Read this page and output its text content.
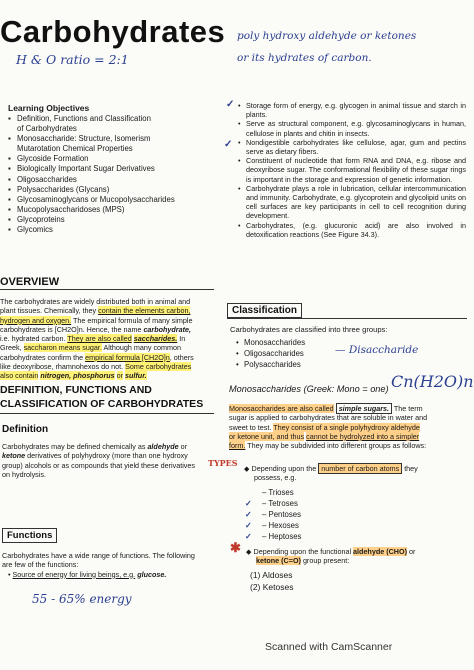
Carbohydrates
H & O ratio = 2:1
poly hydroxy aldehyde or ketones
or its hydrates of carbon.
Learning Objectives
▪ Definition, Functions and Classification
of Carbohydrates
▪ Monosaccharide: Structure, Isomerism
Mutarotation Chemical Properties
▪ Glycoside Formation
▪ Biologically Important Sugar Derivatives
▪ Oligosaccharides
▪ Polysaccharides (Glycans)
▪ Glycosaminoglycans or Mucopolysaccharides
▪ Mucopolysaccharidoses (MPS)
▪ Glycoproteins
▪ Glycomics
OVERVIEW
The carbohydrates are widely distributed both in animal and
plant tissues. Chemically, they contain the elements carbon,
hydrogen and oxygen. The empirical formula of many simple
carbohydrates is [CH2O]n. Hence, the name carbohydrate,
i.e. hydrated carbon. They are also called saccharides. In
Greek, saccharon means sugar. Although many common
carbohydrates confirm the empirical formula [CH2O]n, others
like deoxyribose, rhamnohexos do not. Some carbohydrates
also contain nitrogen, phosphorus or sulfur.
DEFINITION, FUNCTIONS AND
CLASSIFICATION OF CARBOHYDRATES
Definition
Carbohydrates may be defined chemically as aldehyde or
ketone derivatives of polyhydroxy (more than one hydroxy
group) alcohols or as compounds that yield these derivatives
on hydrolysis.
Functions
Carbohydrates have a wide range of functions. The following
are few of the functions:
• Source of energy for living beings, e.g. glucose.
55 - 65% energy
✓
✓
• Storage form of energy, e.g. glycogen in animal tissue and starch in plants.
• Serve as structural component, e.g. glycosaminoglycans in human, cellulose in plants and chitin in insects.
• Nondigestible carbohydrates like cellulose, agar, gum and pectins serve as dietary fibers.
• Constituent of nucleotide that form RNA and DNA, e.g. ribose and deoxyribose sugar. The conformational flexibility of these sugar rings is important in the storage and expression of genetic information.
• Carbohydrate plays a role in lubrication, cellular intercommunication and immunity. Carbohydrate, e.g. glycoprotein and glycolipid units on cell surfaces are key participants in cell to cell recognition during development.
• Carbohydrates, (e.g. glucuronic acid) are also involved in detoxification reactions (See Figure 34.3).
Classification
Carbohydrates are classified into three groups:
• Monosaccharides
• Oligosaccharides
• Polysaccharides
— Disaccharide
Monosaccharides (Greek: Mono = one) Cn(H2O)n
Monosaccharides are also called simple sugars. The term
sugar is applied to carbohydrates that are soluble in water and
sweet to test. They consist of a single polyhydroxy aldehyde
or ketone unit, and thus cannot be hydrolyzed into a simpler
form. They may be subdivided into different groups as follows:
TYPES
◆ Depending upon the number of carbon atoms they
possess, e.g.
– Trioses
– Tetroses
– Pentoses
– Hexoses
– Heptoses
✓
✓
✓
✓
✱ ◆ Depending upon the functional aldehyde (CHO) or
ketone (C=O) group present:
(1) Aldoses
(2) Ketoses
Scanned with CamScanner
